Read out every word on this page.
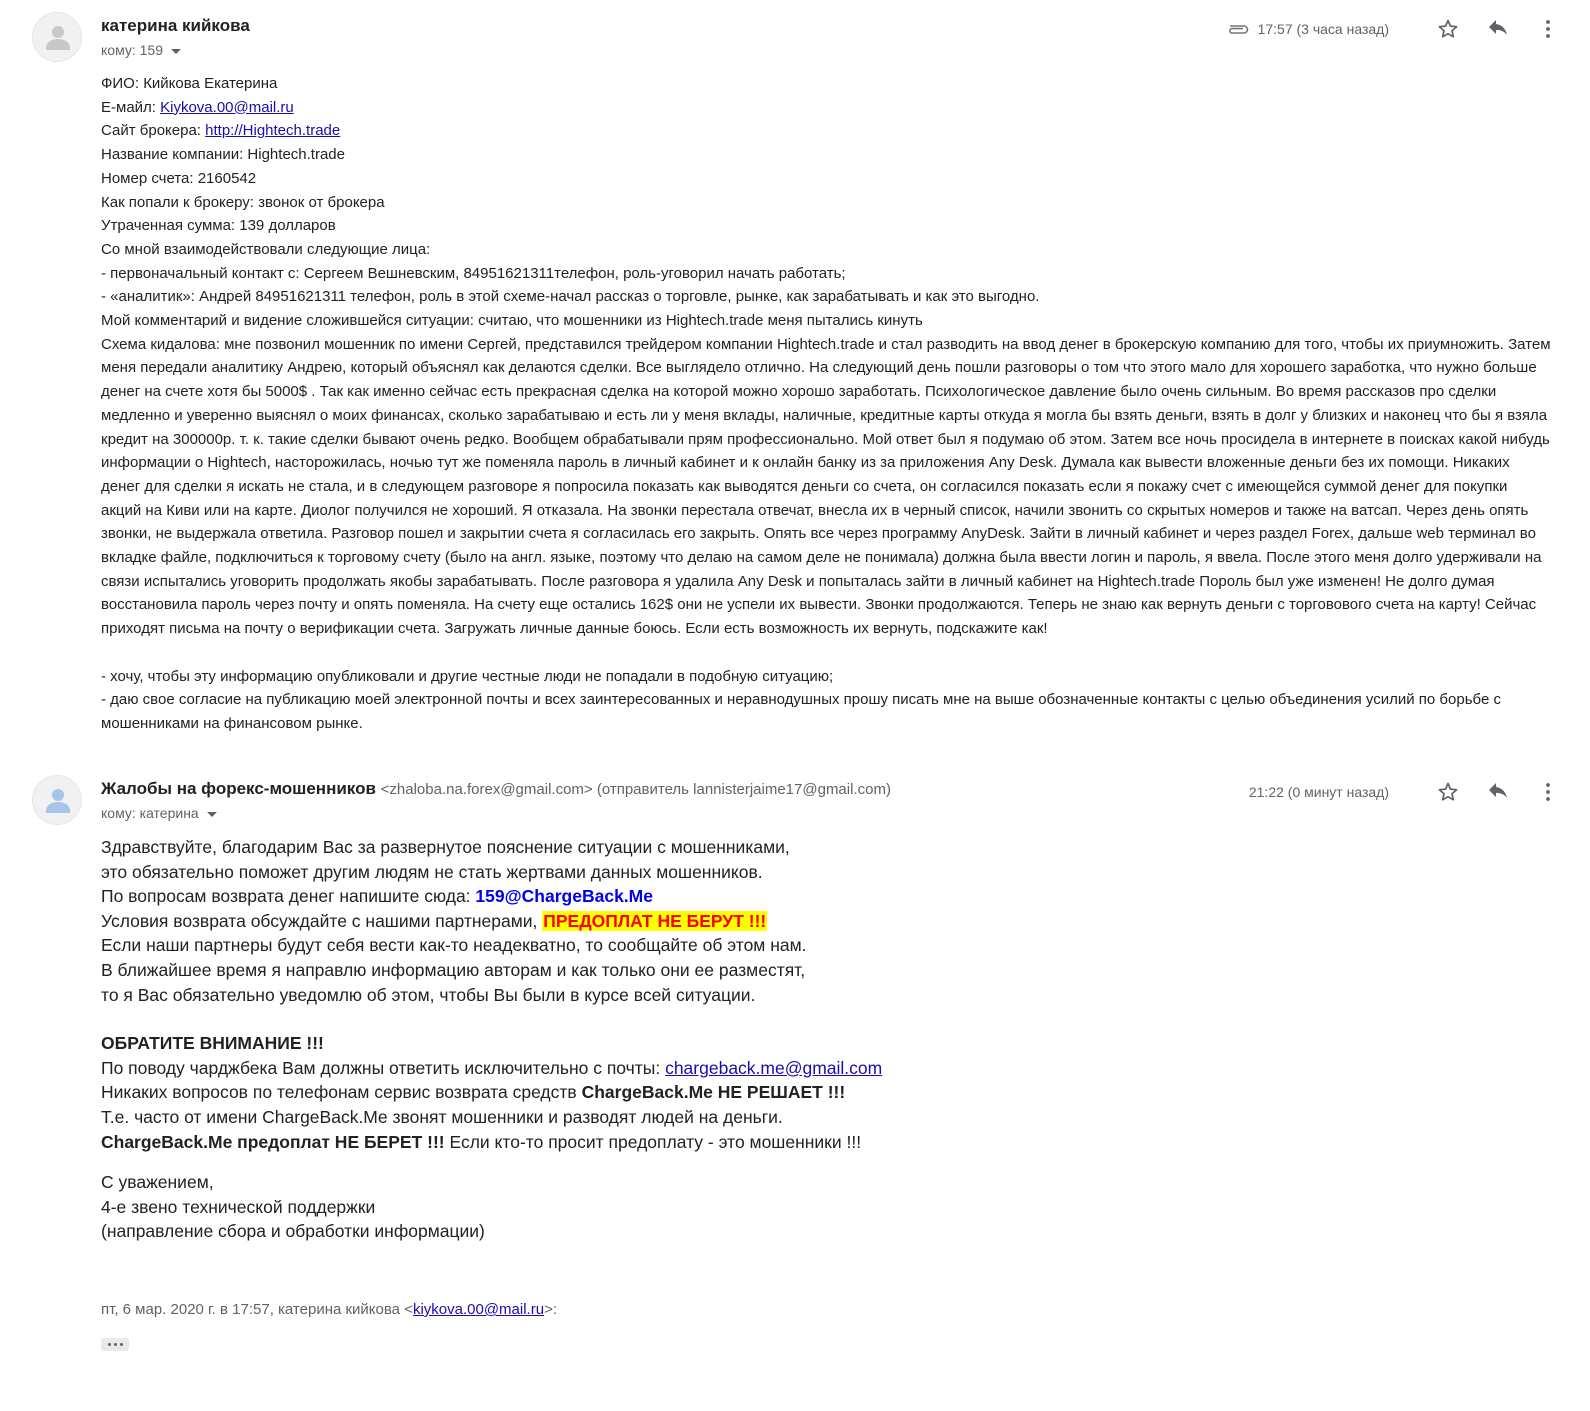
катерина кийкова
кому: 159
17:57 (3 часа назад)
ФИО: Кийкова Екатерина
Е-майл: Kiykova.00@mail.ru
Сайт брокера: http://Hightech.trade
Название компании: Hightech.trade
Номер счета: 2160542
Как попали к брокеру: звонок от брокера
Утраченная сумма: 139 долларов
Со мной взаимодействовали следующие лица:
- первоначальный контакт с: Сергеем Вешневским, 84951621311телефон, роль-уговорил начать работать;
- «аналитик»: Андрей 84951621311 телефон, роль в этой схеме-начал рассказ о торговле, рынке, как зарабатывать и как это выгодно.
Мой комментарий и видение сложившейся ситуации: считаю, что мошенники из Hightech.trade меня пытались кинуть
Схема кидалова: мне позвонил мошенник по имени Сергей, представился трейдером компании Hightech.trade и стал разводить на ввод денег в брокерскую компанию для того, чтобы их приумножить. Затем меня передали аналитику Андрею, который объяснял как делаются сделки. Все выглядело отлично. На следующий день пошли разговоры о том что этого мало для хорошего заработка, что нужно больше денег на счете хотя бы 5000$ . Так как именно сейчас есть прекрасная сделка на которой можно хорошо заработать. Психологическое давление было очень сильным. Во время рассказов про сделки медленно и уверенно выяснял о моих финансах, сколько зарабатываю и есть ли у меня вклады, наличные, кредитные карты откуда я могла бы взять деньги, взять в долг у близких и наконец что бы я взяла кредит на 300000р. т. к. такие сделки бывают очень редко. Вообщем обрабатывали прям профессионально. Мой ответ был я подумаю об этом. Затем все ночь просидела в интернете в поисках какой нибудь информации о Hightech, насторожилась, ночью тут же поменяла пароль в личный кабинет и к онлайн банку из за приложения Any Desk. Думала как вывести вложенные деньги без их помощи. Никаких денег для сделки я искать не стала, и в следующем разговоре я попросила показать как выводятся деньги со счета, он согласился показать если я покажу счет с имеющейся суммой денег для покупки акций на Киви или на карте. Диолог получился не хороший. Я отказала. На звонки перестала отвечат, внесла их в черный список, начили звонить со скрытых номеров и также на ватсап. Через день опять звонки, не выдержала ответила. Разговор пошел и закрытии счета я согласилась его закрыть. Опять все через программу AnyDesk. Зайти в личный кабинет и через раздел Forex, дальше web терминал во вкладке файле, подключиться к торговому счету (было на англ. языке, поэтому что делаю на самом деле не понимала) должна была ввести логин и пароль, я ввела. После этого меня долго удерживали на связи испытались уговорить продолжать якобы зарабатывать. После разговора я удалила Any Desk и попыталась зайти в личный кабинет на Hightech.trade Пороль был уже изменен! Не долго думая восстановила пароль через почту и опять поменяла. На счету еще остались 162$ они не успели их вывести. Звонки продолжаются. Теперь не знаю как вернуть деньги с торговового счета на карту! Сейчас приходят письма на почту о верификации счета. Загружать личные данные боюсь. Если есть возможность их вернуть, подскажите как!
- хочу, чтобы эту информацию опубликовали и другие честные люди не попадали в подобную ситуацию;
- даю свое согласие на публикацию моей электронной почты и всех заинтересованных и неравнодушных прошу писать мне на выше обозначенные контакты с целью объединения усилий по борьбе с мошенниками на финансовом рынке.
Жалобы на форекс-мошенников <zhaloba.na.forex@gmail.com> (отправитель lannisterjaime17@gmail.com)
кому: катерина
21:22 (0 минут назад)
Здравствуйте, благодарим Вас за развернутое пояснение ситуации с мошенниками,
это обязательно поможет другим людям не стать жертвами данных мошенников.
По вопросам возврата денег напишите сюда: 159@ChargeBack.Me
Условия возврата обсуждайте с нашими партнерами, ПРЕДОПЛАТ НЕ БЕРУТ !!!
Если наши партнеры будут себя вести как-то неадекватно, то сообщайте об этом нам.
В ближайшее время я направлю информацию авторам и как только они ее разместят,
то я Вас обязательно уведомлю об этом, чтобы Вы были в курсе всей ситуации.
ОБРАТИТЕ ВНИМАНИЕ !!!
По поводу чарджбека Вам должны ответить исключительно с почты: chargeback.me@gmail.com
Никаких вопросов по телефонам сервис возврата средств ChargeBack.Me НЕ РЕШАЕТ !!!
Т.е. часто от имени ChargeBack.Me звонят мошенники и разводят людей на деньги.
ChargeBack.Me предоплат НЕ БЕРЕТ !!! Если кто-то просит предоплату - это мошенники !!!
С уважением,
4-е звено технической поддержки
(направление сбора и обработки информации)
пт, 6 мар. 2020 г. в 17:57, катерина кийкова <kiykova.00@mail.ru>:
